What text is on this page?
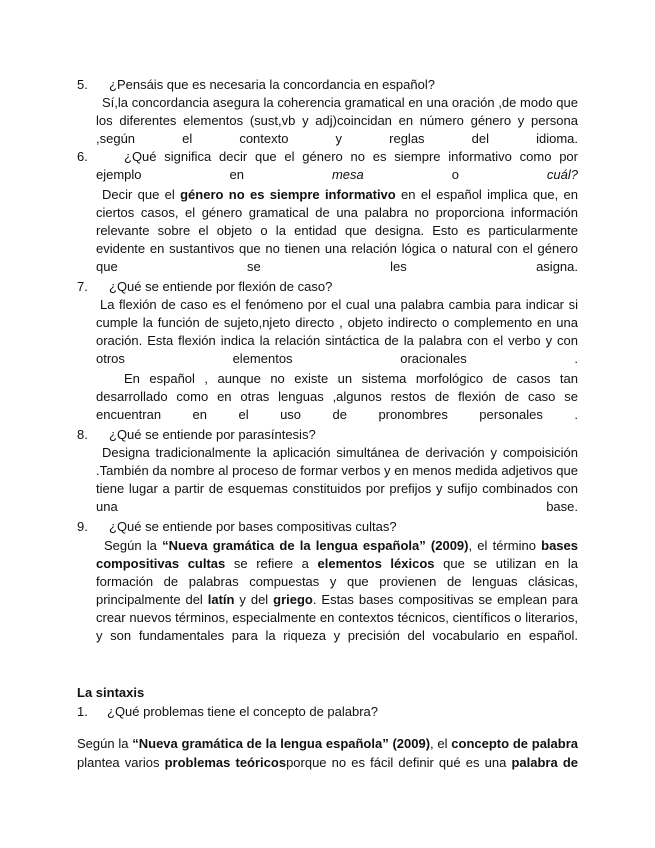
5. ¿Pensáis que es necesaria la concordancia en español?
Sí,la concordancia asegura la coherencia gramatical en una oración ,de modo que los diferentes elementos (sust,vb y adj)coincidan en número género y persona ,según el contexto y reglas del idioma.
6.	¿Qué significa decir que el género no es siempre informativo como por ejemplo en mesa o cuál?
Decir que el género no es siempre informativo en el español implica que, en ciertos casos, el género gramatical de una palabra no proporciona información relevante sobre el objeto o la entidad que designa. Esto es particularmente evidente en sustantivos que no tienen una relación lógica o natural con el género que se les asigna.
7. ¿Qué se entiende por flexión de caso?
La flexión de caso es el fenómeno por el cual una palabra cambia para indicar si cumple la función de sujeto,njeto directo , objeto indirecto o complemento en una oración. Esta flexión indica la relación sintáctica de la palabra con el verbo y con otros elementos oracionales .
En español , aunque no existe un sistema morfológico de casos tan desarrollado como en otras lenguas ,algunos restos de flexión de caso se encuentran en el uso de pronombres personales .
8. ¿Qué se entiende por parasíntesis?
Designa tradicionalmente la aplicación simultánea de derivación y compoisición .También da nombre al proceso de formar verbos y en menos medida adjetivos que tiene lugar a partir de esquemas constituidos por prefijos y sufijo combinados con una base.
9. ¿Qué se entiende por bases compositivas cultas?
Según la “Nueva gramática de la lengua española” (2009), el término bases compositivas cultas se refiere a elementos léxicos que se utilizan en la formación de palabras compuestas y que provienen de lenguas clásicas, principalmente del latín y del griego. Estas bases compositivas se emplean para crear nuevos términos, especialmente en contextos técnicos, científicos o literarios, y son fundamentales para la riqueza y precisión del vocabulario en español.
La sintaxis
1. ¿Qué problemas tiene el concepto de palabra?
Según la “Nueva gramática de la lengua española” (2009), el concepto de palabra plantea varios problemas teóricosporque no es fácil definir qué es una palabra de
